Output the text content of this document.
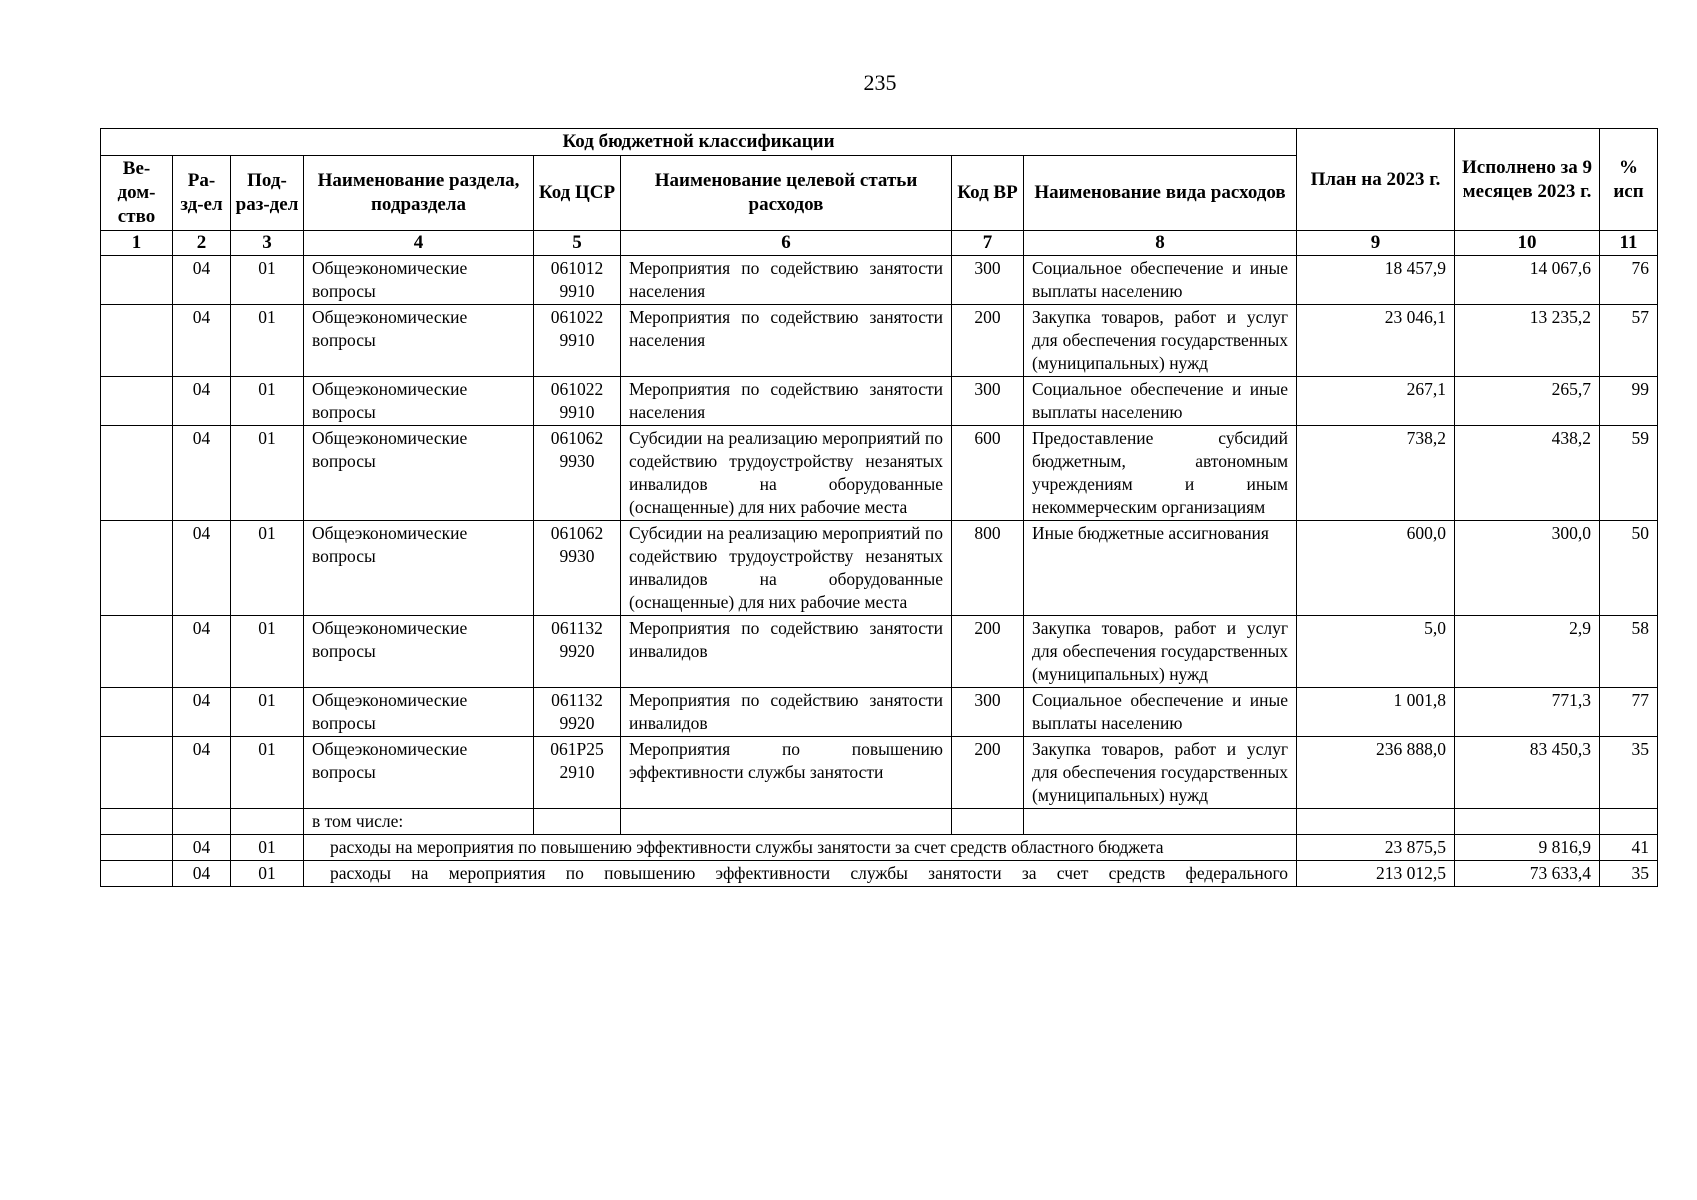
235
Код бюджетной классификации								План на 2023 г.	Исполнено за 9 месяцев 2023 г.	% исп
Ве-дом-ство	Ра-зд-ел	Под-раз-дел	Наименование раздела, подраздела	Код ЦСР	Наименование целевой статьи расходов	Код ВР	Наименование вида расходов			
1	2	3	4	5	6	7	8	9	10	11
	04	01	Общеэкономические вопросы	061012 9910	Мероприятия по содействию занятости населения	300	Социальное обеспечение и иные выплаты населению	18 457,9	14 067,6	76
	04	01	Общеэкономические вопросы	061022 9910	Мероприятия по содействию занятости населения	200	Закупка товаров, работ и услуг для обеспечения государственных (муниципальных) нужд	23 046,1	13 235,2	57
	04	01	Общеэкономические вопросы	061022 9910	Мероприятия по содействию занятости населения	300	Социальное обеспечение и иные выплаты населению	267,1	265,7	99
	04	01	Общеэкономические вопросы	061062 9930	Субсидии на реализацию мероприятий по содействию трудоустройству незанятых инвалидов на оборудованные (оснащенные) для них рабочие места	600	Предоставление субсидий бюджетным, автономным учреждениям и иным некоммерческим организациям	738,2	438,2	59
	04	01	Общеэкономические вопросы	061062 9930	Субсидии на реализацию мероприятий по содействию трудоустройству незанятых инвалидов на оборудованные (оснащенные) для них рабочие места	800	Иные бюджетные ассигнования	600,0	300,0	50
	04	01	Общеэкономические вопросы	061132 9920	Мероприятия по содействию занятости инвалидов	200	Закупка товаров, работ и услуг для обеспечения государственных (муниципальных) нужд	5,0	2,9	58
	04	01	Общеэкономические вопросы	061132 9920	Мероприятия по содействию занятости инвалидов	300	Социальное обеспечение и иные выплаты населению	1 001,8	771,3	77
	04	01	Общеэкономические вопросы	061P25 2910	Мероприятия по повышению эффективности службы занятости	200	Закупка товаров, работ и услуг для обеспечения государственных (муниципальных) нужд	236 888,0	83 450,3	35
			в том числе:							
	04	01	расходы на мероприятия по повышению эффективности службы занятости за счет средств областного бюджета					23 875,5	9 816,9	41
	04	01	расходы на мероприятия по повышению эффективности службы занятости за счет средств федерального					213 012,5	73 633,4	35
